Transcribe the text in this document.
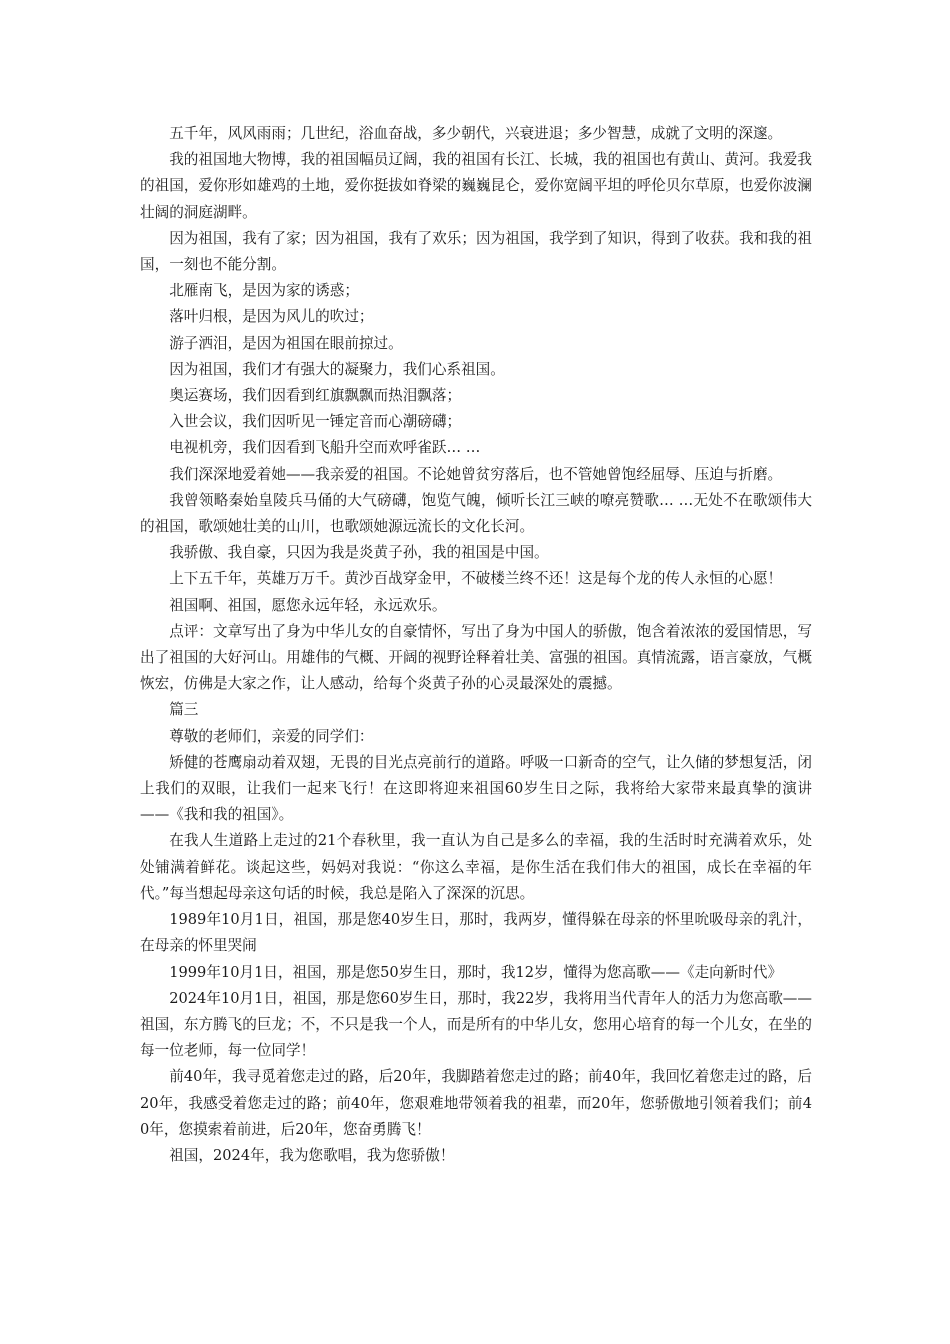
五千年，风风雨雨；几世纪，浴血奋战，多少朝代，兴衰进退；多少智慧，成就了文明的深邃。

我的祖国地大物博，我的祖国幅员辽阔，我的祖国有长江、长城，我的祖国也有黄山、黄河。我爱我的祖国，爱你形如雄鸡的土地，爱你挺拔如脊梁的巍巍昆仑，爱你宽阔平坦的呼伦贝尔草原，也爱你波澜壮阔的洞庭湖畔。

因为祖国，我有了家；因为祖国，我有了欢乐；因为祖国，我学到了知识，得到了收获。我和我的祖国，一刻也不能分割。

北雁南飞，是因为家的诱惑；

落叶归根，是因为风儿的吹过；

游子洒泪，是因为祖国在眼前掠过。

因为祖国，我们才有强大的凝聚力，我们心系祖国。

奥运赛场，我们因看到红旗飘飘而热泪飘落；

入世会议，我们因听见一锤定音而心潮磅礴；

电视机旁，我们因看到飞船升空而欢呼雀跃… …

我们深深地爱着她——我亲爱的祖国。不论她曾贫穷落后，也不管她曾饱经屈辱、压迫与折磨。

我曾领略秦始皇陵兵马俑的大气磅礴，饱览气魄，倾听长江三峡的嘹亮赞歌… …无处不在歌颂伟大的祖国，歌颂她壮美的山川，也歌颂她源远流长的文化长河。

我骄傲、我自豪，只因为我是炎黄子孙，我的祖国是中国。

上下五千年，英雄万万千。黄沙百战穿金甲，不破楼兰终不还！这是每个龙的传人永恒的心愿！

祖国啊、祖国，愿您永远年轻，永远欢乐。

点评：文章写出了身为中华儿女的自豪情怀，写出了身为中国人的骄傲，饱含着浓浓的爱国情思，写出了祖国的大好河山。用雄伟的气概、开阔的视野诠释着壮美、富强的祖国。真情流露，语言豪放，气概恢宏，仿佛是大家之作，让人感动，给每个炎黄子孙的心灵最深处的震撼。

篇三

尊敬的老师们，亲爱的同学们：

矫健的苍鹰扇动着双翅，无畏的目光点亮前行的道路。呼吸一口新奇的空气，让久储的梦想复活，闭上我们的双眼，让我们一起来飞行！在这即将迎来祖国60岁生日之际，我将给大家带来最真挚的演讲——《我和我的祖国》。

在我人生道路上走过的21个春秋里，我一直认为自己是多么的幸福，我的生活时时充满着欢乐，处处铺满着鲜花。谈起这些，妈妈对我说：“你这么幸福，是你生活在我们伟大的祖国，成长在幸福的年代。”每当想起母亲这句话的时候，我总是陷入了深深的沉思。

1989年10月1日，祖国，那是您40岁生日，那时，我两岁，懂得躲在母亲的怀里吮吸母亲的乳汁，在母亲的怀里哭闹

1999年10月1日，祖国，那是您50岁生日，那时，我12岁，懂得为您高歌——《走向新时代》

2024年10月1日，祖国，那是您60岁生日，那时，我22岁，我将用当代青年人的活力为您高歌——祖国，东方腾飞的巨龙；不，不只是我一个人，而是所有的中华儿女，您用心培育的每一个儿女，在坐的每一位老师，每一位同学！

前40年，我寻觅着您走过的路，后20年，我脚踏着您走过的路；前40年，我回忆着您走过的路，后20年，我感受着您走过的路；前40年，您艰难地带领着我的祖辈，而20年，您骄傲地引领着我们；前40年，您摸索着前进，后20年，您奋勇腾飞！

祖国，2024年，我为您歌唱，我为您骄傲！
